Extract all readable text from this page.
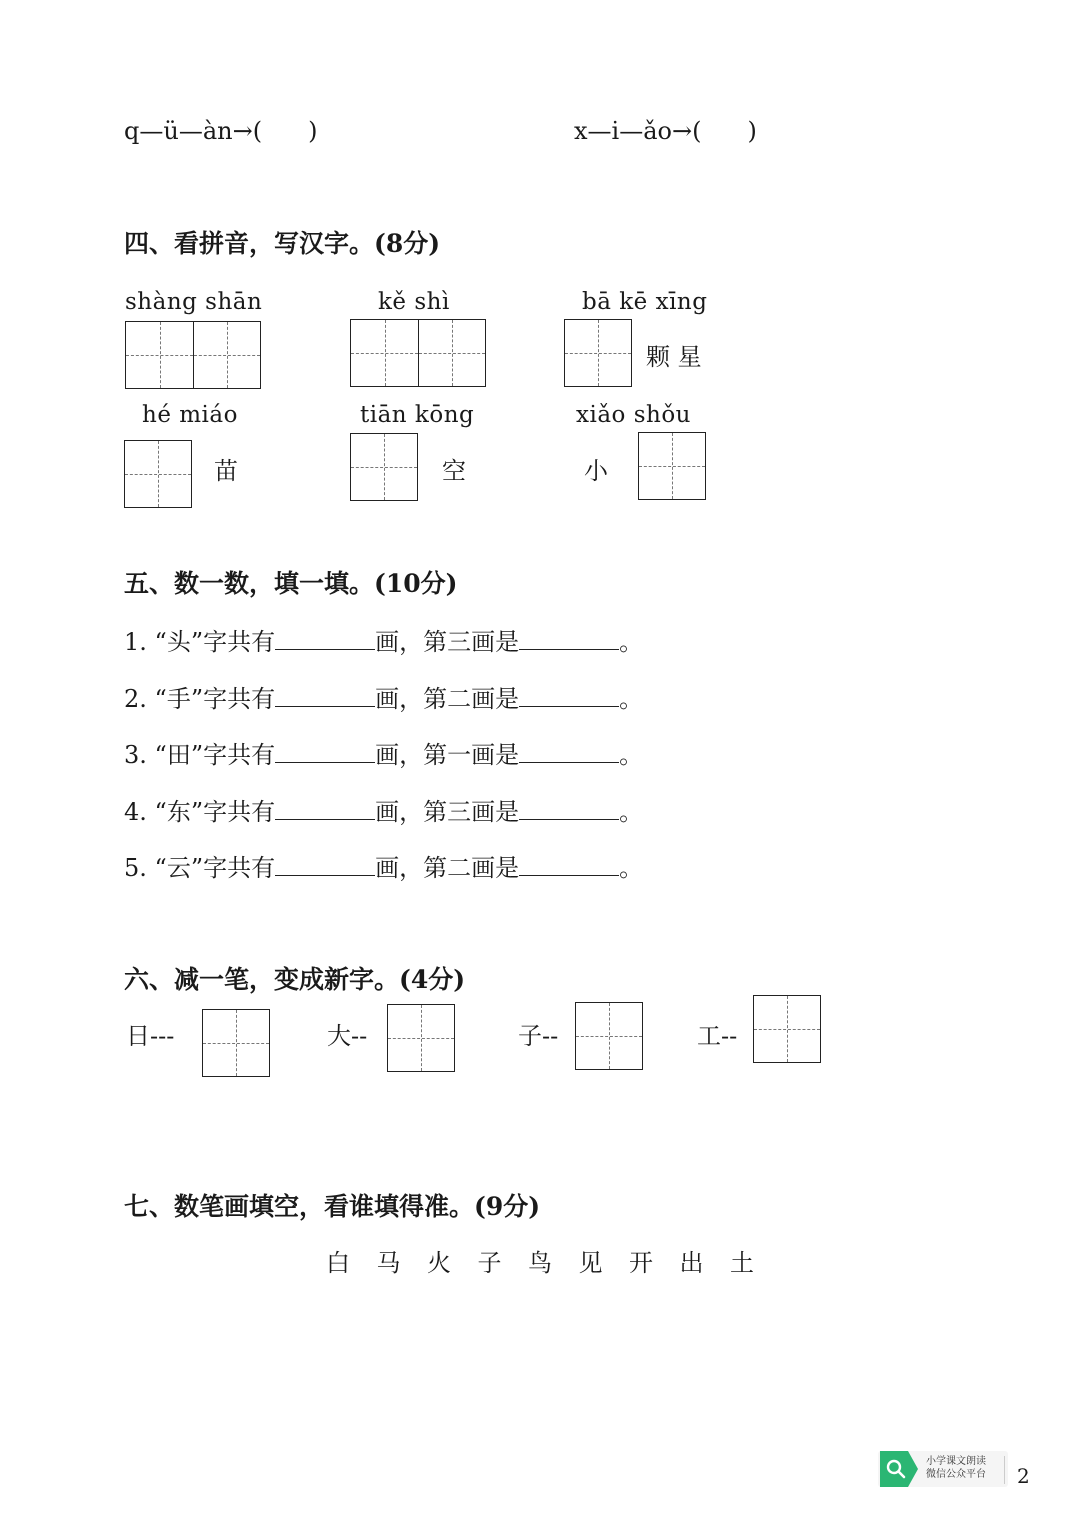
q—ü—àn→( )	x—i—ǎo→( )
四、看拼音，写汉字。(8分)
shàng shān	kě shì	bā kē xīng
颗 星
hé miáo
苗
tiān kōng
空
xiǎo shǒu
小
五、数一数，填一填。(10分)
1. “头”字共有	画，第三画是	。
2. “手”字共有	画，第二画是	。
3. “田”字共有	画，第一画是	。
4. “东”字共有	画，第三画是	。
5. “云”字共有	画，第二画是	。
六、减一笔，变成新字。(4分)
日---	大--	子--	工--
七、数笔画填空，看谁填得准。(9分)
白 马 火 子 鸟 见 开 出 土
小学课文朗读
微信公众平台 2
